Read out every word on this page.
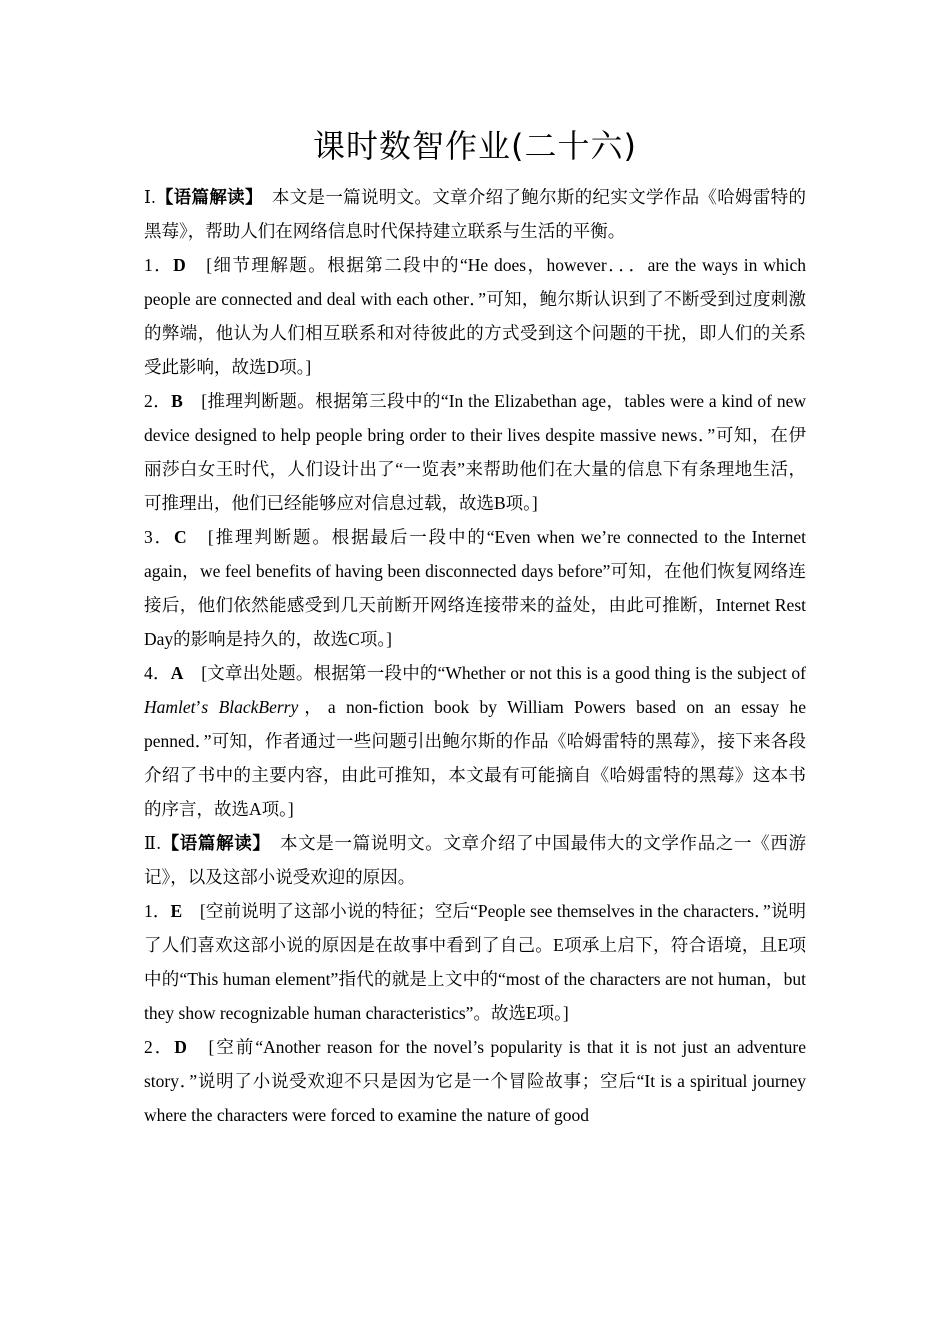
课时数智作业(二十六)

Ⅰ.【语篇解读】　本文是一篇说明文。文章介绍了鲍尔斯的纪实文学作品《哈姆雷特的黑莓》，帮助人们在网络信息时代保持建立联系与生活的平衡。

1．D　[细节理解题。根据第二段中的“He does，however．．．are the ways in which people are connected and deal with each other．”可知，鲍尔斯认识到了不断受到过度刺激的弊端，他认为人们相互联系和对待彼此的方式受到这个问题的干扰，即人们的关系受此影响，故选D项。]

2．B　[推理判断题。根据第三段中的“In the Elizabethan age，tables were a kind of new device designed to help people bring order to their lives despite massive news．”可知，在伊丽莎白女王时代，人们设计出了“一览表”来帮助他们在大量的信息下有条理地生活，可推理出，他们已经能够应对信息过载，故选B项。]

3．C　[推理判断题。根据最后一段中的“Even when we’re connected to the Internet again，we feel benefits of having been disconnected days before”可知，在他们恢复网络连接后，他们依然能感受到几天前断开网络连接带来的益处，由此可推断，Internet Rest Day的影响是持久的，故选C项。]

4．A　[文章出处题。根据第一段中的“Whether or not this is a good thing is the subject of Hamlet’s BlackBerry，a non-fiction book by William Powers based on an essay he penned．”可知，作者通过一些问题引出鲍尔斯的作品《哈姆雷特的黑莓》，接下来各段介绍了书中的主要内容，由此可推知，本文最有可能摘自《哈姆雷特的黑莓》这本书的序言，故选A项。]

Ⅱ.【语篇解读】　本文是一篇说明文。文章介绍了中国最伟大的文学作品之一《西游记》，以及这部小说受欢迎的原因。

1．E　[空前说明了这部小说的特征；空后“People see themselves in the characters．”说明了人们喜欢这部小说的原因是在故事中看到了自己。E项承上启下，符合语境，且E项中的“This human element”指代的就是上文中的“most of the characters are not human，but they show recognizable human characteristics”。故选E项。]

2．D　[空前“Another reason for the novel’s popularity is that it is not just an adventure story．”说明了小说受欢迎不只是因为它是一个冒险故事；空后“It is a spiritual journey where the characters were forced to examine the nature of good
